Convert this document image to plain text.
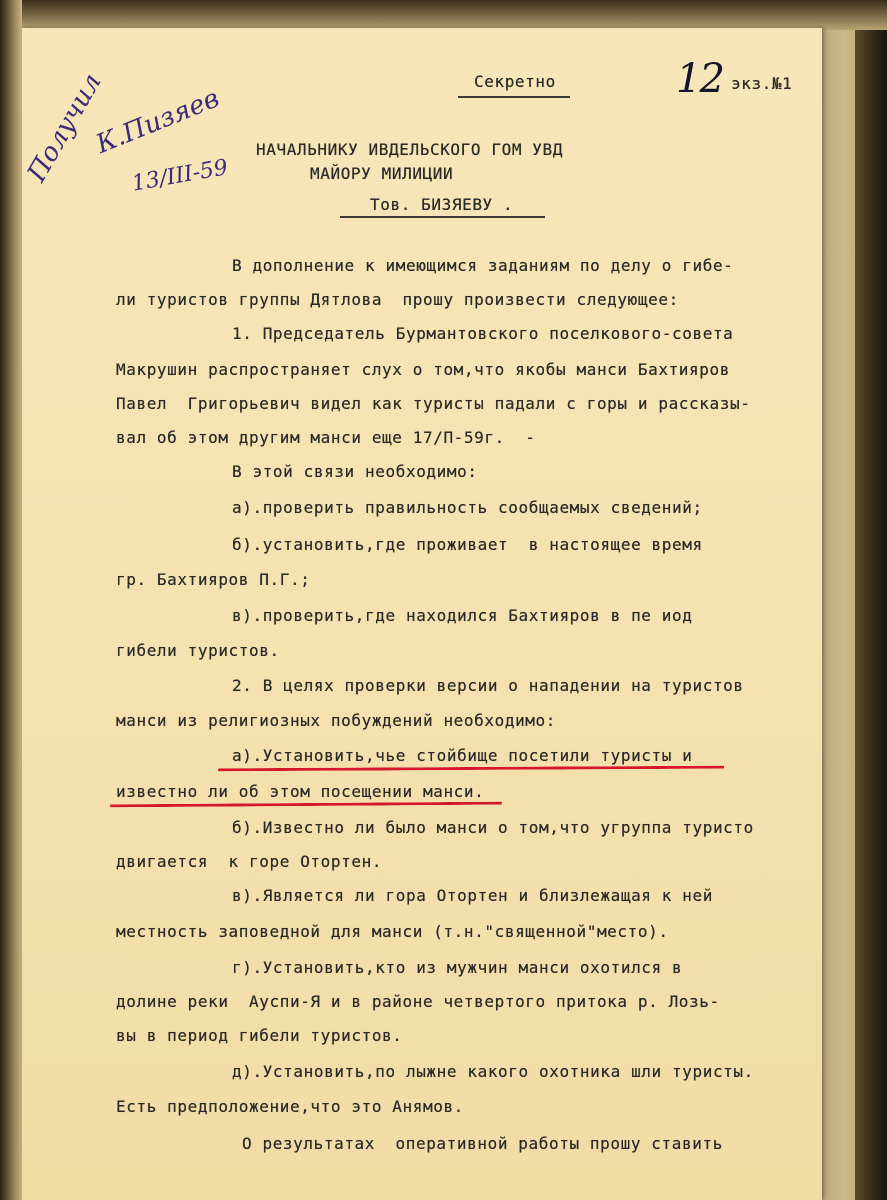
Секретно	12 экз.№1

Получил

К.Пизяев

13/III-59

НАЧАЛЬНИКУ ИВДЕЛЬСКОГО ГОМ УВД
МАЙОРУ МИЛИЦИИ
Тов. БИЗЯЕВУ .
В дополнение к имеющимся заданиям по делу о гибе-
ли туристов группы Дятлова  прошу произвести следующее:
1. Председатель Бурмантовского поселкового-совета
Макрушин распространяет слух о том,что якобы манси Бахтияров
Павел  Григорьевич видел как туристы падали с горы и рассказы-
вал об этом другим манси еще 17/П-59г.  -
В этой связи необходимо:
а).проверить правильность сообщаемых сведений;
б).установить,где проживает  в настоящее время
гр. Бахтияров П.Г.;
в).проверить,где находился Бахтияров в пе иод
гибели туристов.
2. В целях проверки версии о нападении на туристов
манси из религиозных побуждений необходимо:
а).Установить,чье стойбище посетили туристы и
известно ли об этом посещении манси.
б).Известно ли было манси о том,что угруппа туристо
двигается  к горе Отортен.
в).Является ли гора Отортен и близлежащая к ней
местность заповедной для манси (т.н."священной"место).
г).Установить,кто из мужчин манси охотился в
долине реки  Ауспи-Я и в районе четвертого притока р. Лозь-
вы в период гибели туристов.
д).Установить,по лыжне какого охотника шли туристы.
Есть предположение,что это Анямов.
О результатах  оперативной работы прошу ставить
